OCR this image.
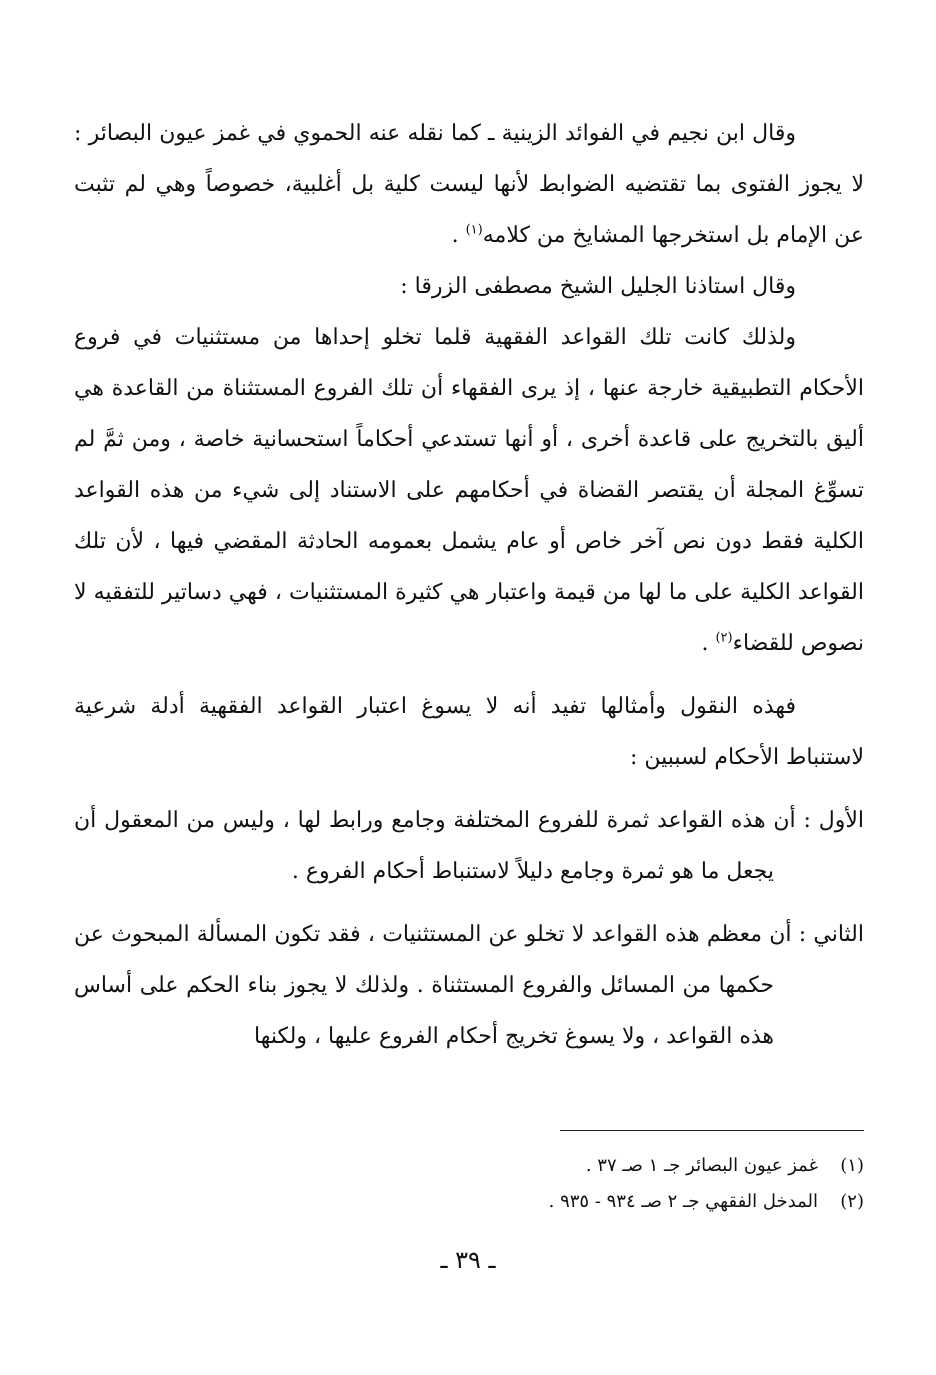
وقال ابن نجيم في الفوائد الزينية ـ كما نقله عنه الحموي في غمز عيون البصائر : لا يجوز الفتوى بما تقتضيه الضوابط لأنها ليست كلية بل أغلبية، خصوصاً وهي لم تثبت عن الإمام بل استخرجها المشايخ من كلامه$^{(١)}$ .

وقال استاذنا الجليل الشيخ مصطفى الزرقا :

ولذلك كانت تلك القواعد الفقهية قلما تخلو إحداها من مستثنيات في فروع الأحكام التطبيقية خارجة عنها ، إذ يرى الفقهاء أن تلك الفروع المستثناة من القاعدة هي أليق بالتخريج على قاعدة أخرى ، أو أنها تستدعي أحكاماً استحسانية خاصة ، ومن ثمَّ لم تسوِّغ المجلة أن يقتصر القضاة في أحكامهم على الاستناد إلى شيء من هذه القواعد الكلية فقط دون نص آخر خاص أو عام يشمل بعمومه الحادثة المقضي فيها ، لأن تلك القواعد الكلية على ما لها من قيمة واعتبار هي كثيرة المستثنيات ، فهي دساتير للتفقيه لا نصوص للقضاء$^{(٢)}$ .

فهذه النقول وأمثالها تفيد أنه لا يسوغ اعتبار القواعد الفقهية أدلة شرعية لاستنباط الأحكام لسببين :

الأول : أن هذه القواعد ثمرة للفروع المختلفة وجامع ورابط لها ، وليس من المعقول أن يجعل ما هو ثمرة وجامع دليلاً لاستنباط أحكام الفروع .

الثاني : أن معظم هذه القواعد لا تخلو عن المستثنيات ، فقد تكون المسألة المبحوث عن حكمها من المسائل والفروع المستثناة . ولذلك لا يجوز بناء الحكم على أساس هذه القواعد ، ولا يسوغ تخريج أحكام الفروع عليها ، ولكنها

(١)غمز عيون البصائر جـ ١ صـ ٣٧ .

(٢)المدخل الفقهي جـ ٢ صـ ٩٣٤ - ٩٣٥ .

ـ ٣٩ ـ
